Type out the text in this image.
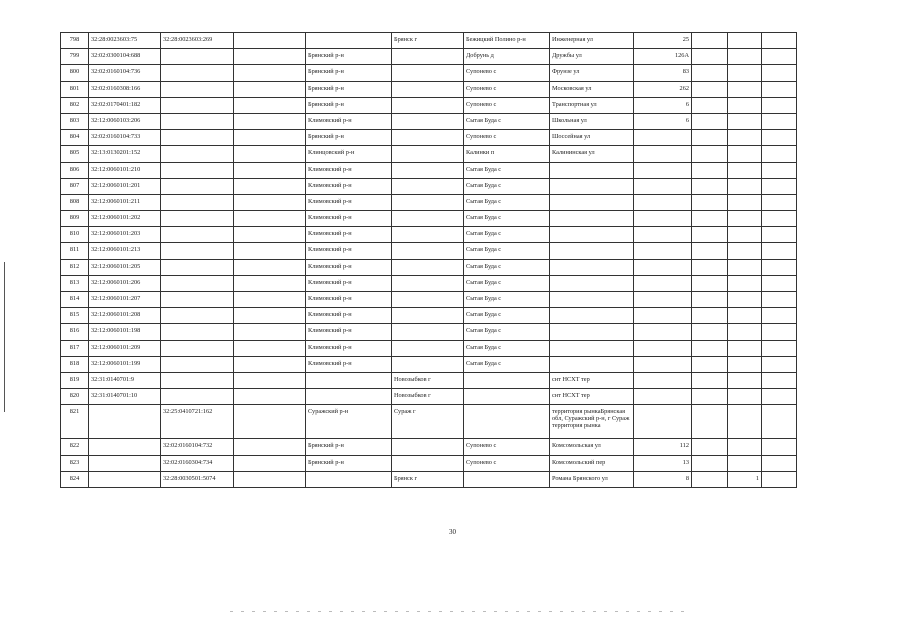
798	32:28:0023603:75	32:28:0023603:269			Брянск г	Бежицкий Полино р-н	Инженерная ул	25			
799	32:02:0300104:688			Брянский р-н		Добрунь д	Дружбы ул	126А			
800	32:02:0160104:736			Брянский р-н		Супонево с	Фрунзе ул	83			
801	32:02:0160308:166			Брянский р-н		Супонево с	Московская ул	262			
802	32:02:0170401:182			Брянский р-н		Супонево с	Транспортная ул	6			
803	32:12:0060103:206			Климовский р-н		Сытая Буда с	Школьная ул	6			
804	32:02:0160104:733			Брянский р-н		Супонево с	Шоссейная ул				
805	32:13:0130201:152			Клинцовский р-н		Калинки п	Калининская ул				
806	32:12:0060101:210			Климовский р-н		Сытая Буда с					
807	32:12:0060101:201			Климовский р-н		Сытая Буда с					
808	32:12:0060101:211			Климовский р-н		Сытая Буда с					
809	32:12:0060101:202			Климовский р-н		Сытая Буда с					
810	32:12:0060101:203			Климовский р-н		Сытая Буда с					
811	32:12:0060101:213			Климовский р-н		Сытая Буда с					
812	32:12:0060101:205			Климовский р-н		Сытая Буда с					
813	32:12:0060101:206			Климовский р-н		Сытая Буда с					
814	32:12:0060101:207			Климовский р-н		Сытая Буда с					
815	32:12:0060101:208			Климовский р-н		Сытая Буда с					
816	32:12:0060101:198			Климовский р-н		Сытая Буда с					
817	32:12:0060101:209			Климовский р-н		Сытая Буда с					
818	32:12:0060101:199			Климовский р-н		Сытая Буда с					
819	32:31:0140701:9				Новозыбков г		снт НСХТ тер				
820	32:31:0140701:10				Новозыбков г		снт НСХТ тер				
821		32:25:0410721:162		Суражский р-н	Сураж г		территория рынкаБрянская обл, Суражский р-н, г Сураж территория рынка				
822		32:02:0160104:732		Брянский р-н		Супонево с	Комсомольская ул	112			
823		32:02:0160304:734		Брянский р-н		Супонево с	Комсомольский пер	13			
824		32:28:0030501:5074			Брянск г		Романа Брянского ул	8		1	
30
